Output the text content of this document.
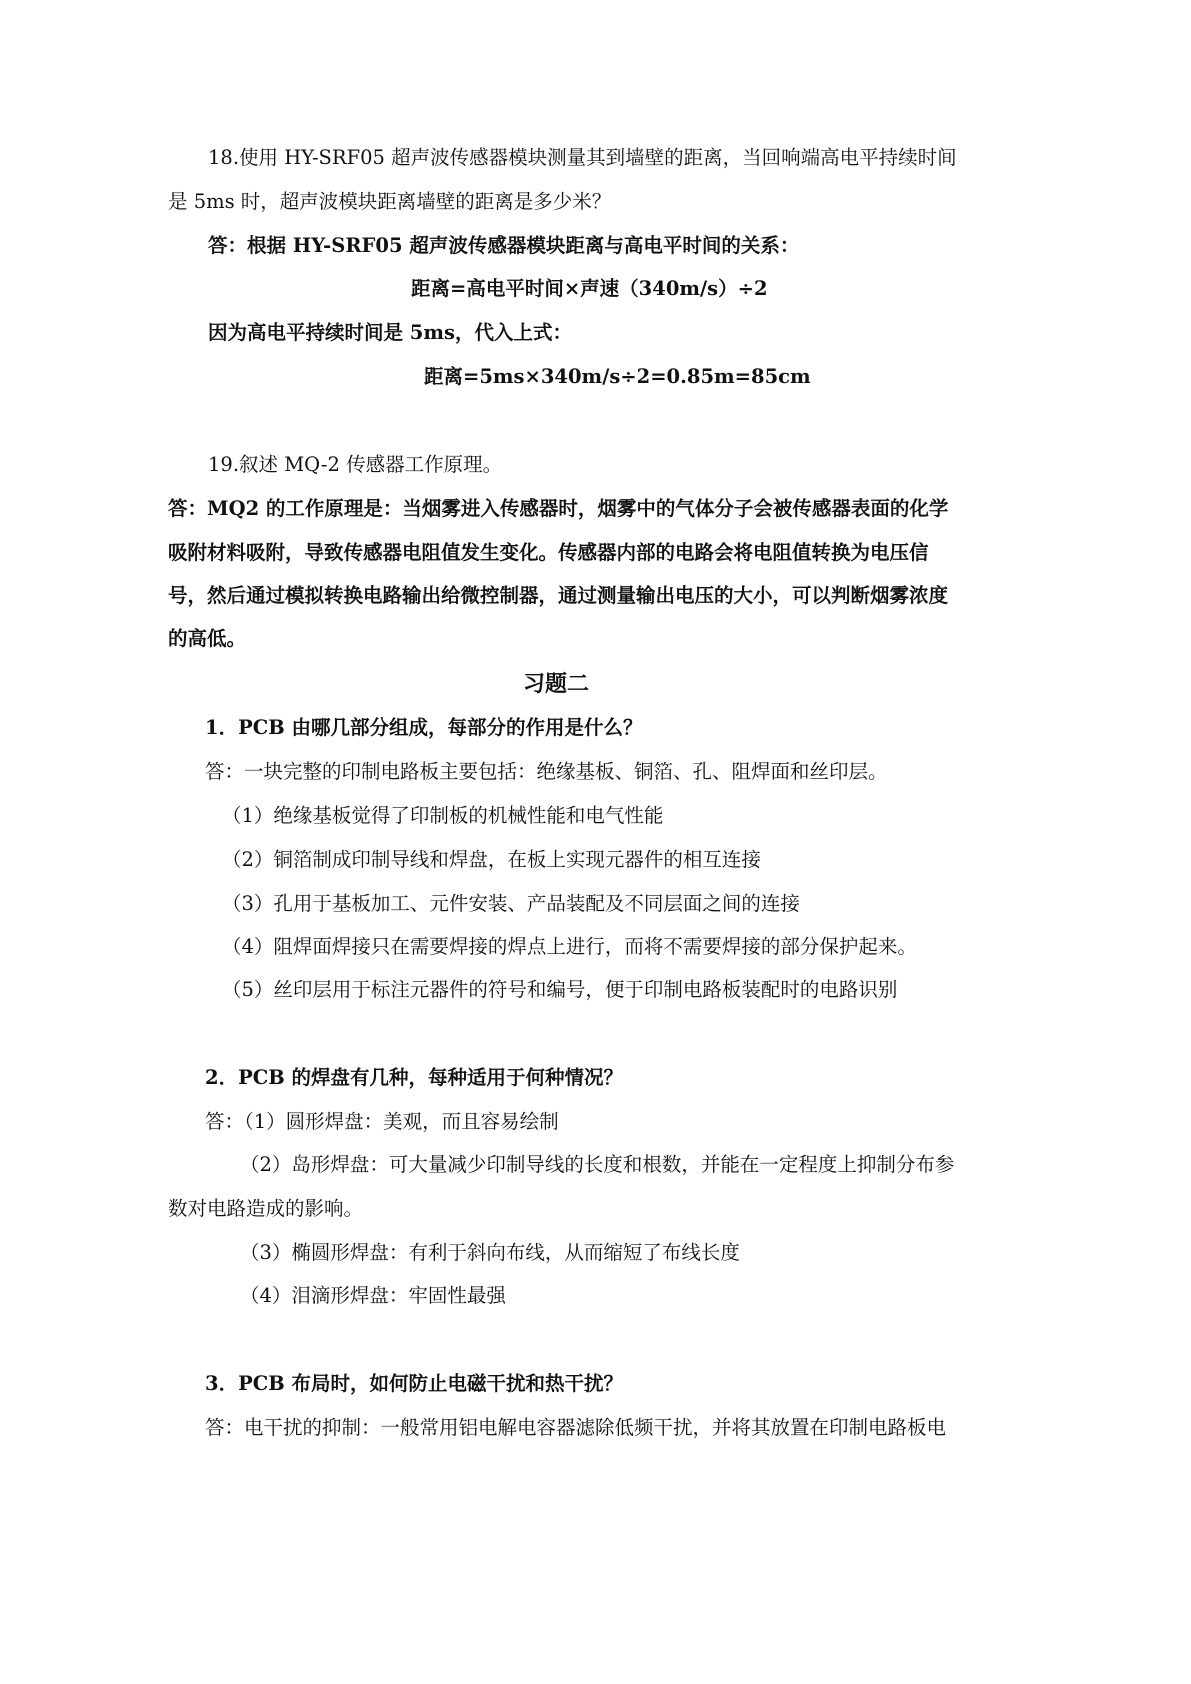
18.使用 HY-SRF05 超声波传感器模块测量其到墙壁的距离，当回响端高电平持续时间
是 5ms 时，超声波模块距离墙壁的距离是多少米？
答：根据 HY-SRF05 超声波传感器模块距离与高电平时间的关系：
距离=高电平时间×声速（340m/s）÷2
因为高电平持续时间是 5ms，代入上式：
距离=5ms×340m/s÷2=0.85m=85cm
19.叙述 MQ-2 传感器工作原理。
答：MQ2 的工作原理是：当烟雾进入传感器时，烟雾中的气体分子会被传感器表面的化学
吸附材料吸附，导致传感器电阻值发生变化。传感器内部的电路会将电阻值转换为电压信
号，然后通过模拟转换电路输出给微控制器，通过测量输出电压的大小，可以判断烟雾浓度
的高低。
习题二
1．PCB 由哪几部分组成，每部分的作用是什么？
答：一块完整的印制电路板主要包括：绝缘基板、铜箔、孔、阻焊面和丝印层。
（1）绝缘基板觉得了印制板的机械性能和电气性能
（2）铜箔制成印制导线和焊盘，在板上实现元器件的相互连接
（3）孔用于基板加工、元件安装、产品装配及不同层面之间的连接
（4）阻焊面焊接只在需要焊接的焊点上进行，而将不需要焊接的部分保护起来。
（5）丝印层用于标注元器件的符号和编号，便于印制电路板装配时的电路识别
2．PCB 的焊盘有几种，每种适用于何种情况？
答：（1）圆形焊盘：美观，而且容易绘制
（2）岛形焊盘：可大量减少印制导线的长度和根数，并能在一定程度上抑制分布参
数对电路造成的影响。
（3）椭圆形焊盘：有利于斜向布线，从而缩短了布线长度
（4）泪滴形焊盘：牢固性最强
3．PCB 布局时，如何防止电磁干扰和热干扰？
答：电干扰的抑制：一般常用铝电解电容器滤除低频干扰，并将其放置在印制电路板电
